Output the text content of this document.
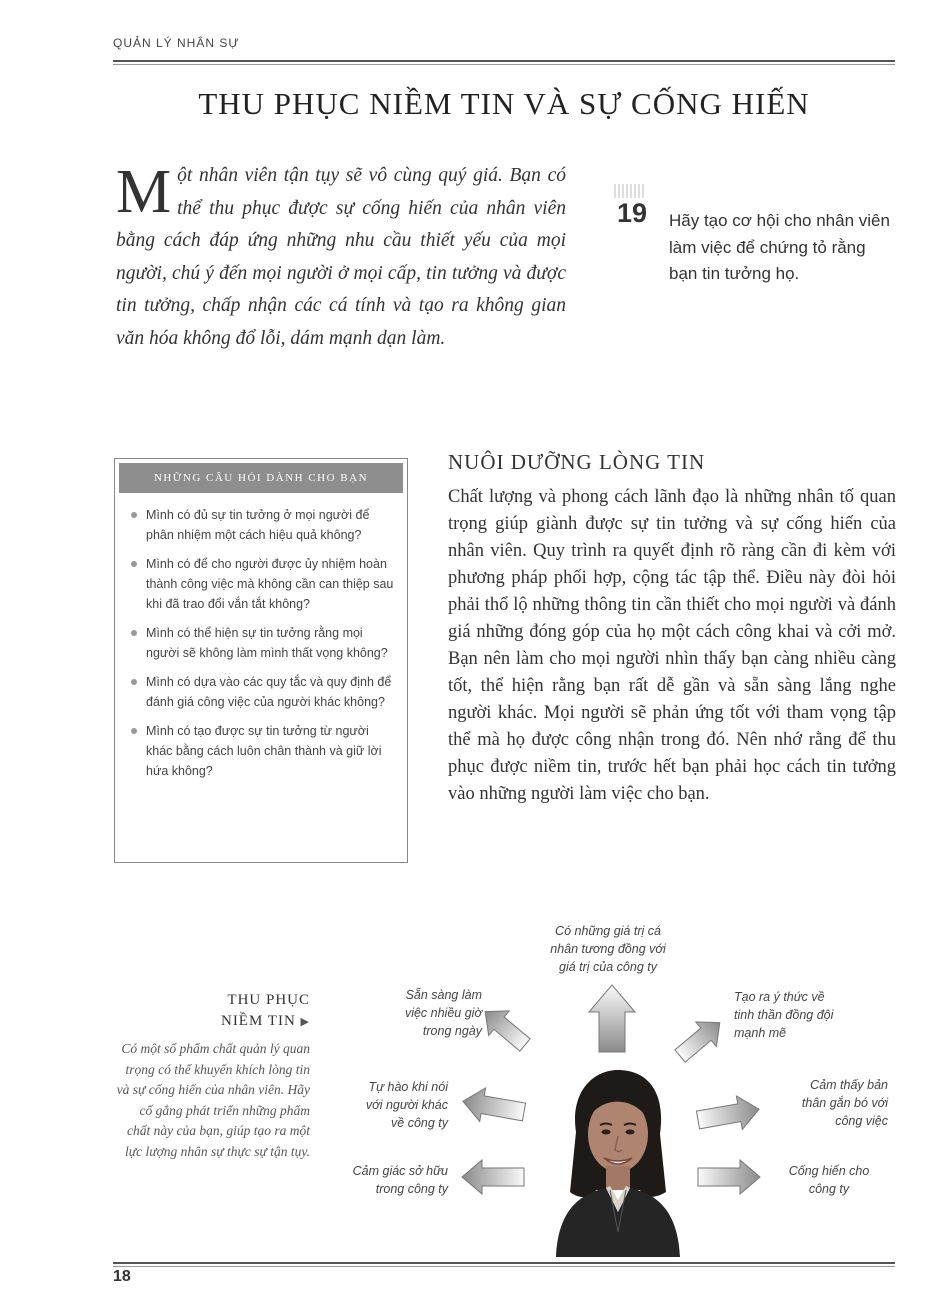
QUẢN LÝ NHÂN SỰ
THU PHỤC NIỀM TIN VÀ SỰ CỐNG HIẾN
Một nhân viên tận tụy sẽ vô cùng quý giá. Bạn có thể thu phục được sự cống hiến của nhân viên bằng cách đáp ứng những nhu cầu thiết yếu của mọi người, chú ý đến mọi người ở mọi cấp, tin tưởng và được tin tưởng, chấp nhận các cá tính và tạo ra không gian văn hóa không đổ lỗi, dám mạnh dạn làm.
19 Hãy tạo cơ hội cho nhân viên làm việc để chứng tỏ rằng bạn tin tưởng họ.
NHỮNG CÂU HỎI DÀNH CHO BẠN
Mình có đủ sự tin tưởng ở mọi người để phân nhiệm một cách hiệu quả không?
Mình có để cho người được ủy nhiệm hoàn thành công việc mà không cần can thiệp sau khi đã trao đổi vắn tắt không?
Mình có thể hiện sự tin tưởng rằng mọi người sẽ không làm mình thất vọng không?
Mình có dựa vào các quy tắc và quy định để đánh giá công việc của người khác không?
Mình có tạo được sự tin tưởng từ người khác bằng cách luôn chân thành và giữ lời hứa không?
NUÔI DƯỠNG LÒNG TIN
Chất lượng và phong cách lãnh đạo là những nhân tố quan trọng giúp giành được sự tin tưởng và sự cống hiến của nhân viên. Quy trình ra quyết định rõ ràng cần đi kèm với phương pháp phối hợp, cộng tác tập thể. Điều này đòi hỏi phải thổ lộ những thông tin cần thiết cho mọi người và đánh giá những đóng góp của họ một cách công khai và cởi mở. Bạn nên làm cho mọi người nhìn thấy bạn càng nhiều càng tốt, thể hiện rằng bạn rất dễ gần và sẵn sàng lắng nghe người khác. Mọi người sẽ phản ứng tốt với tham vọng tập thể mà họ được công nhận trong đó. Nên nhớ rằng để thu phục được niềm tin, trước hết bạn phải học cách tin tưởng vào những người làm việc cho bạn.
THU PHỤC
NIỀM TIN ▶
Có một số phẩm chất quản lý quan trọng có thể khuyến khích lòng tin và sự cống hiến của nhân viên. Hãy cố gắng phát triển những phẩm chất này của bạn, giúp tạo ra một lực lượng nhân sự thực sự tận tụy.
Có những giá trị cá
nhân tương đồng với
giá trị của công ty
Sẵn sàng làm
việc nhiều giờ
trong ngày
Tạo ra ý thức về
tinh thần đồng đội
mạnh mẽ
Tự hào khi nói
với người khác
về công ty
Cảm thấy bản
thân gắn bó với
công việc
Cảm giác sở hữu
trong công ty
Cống hiến cho
công ty
18
